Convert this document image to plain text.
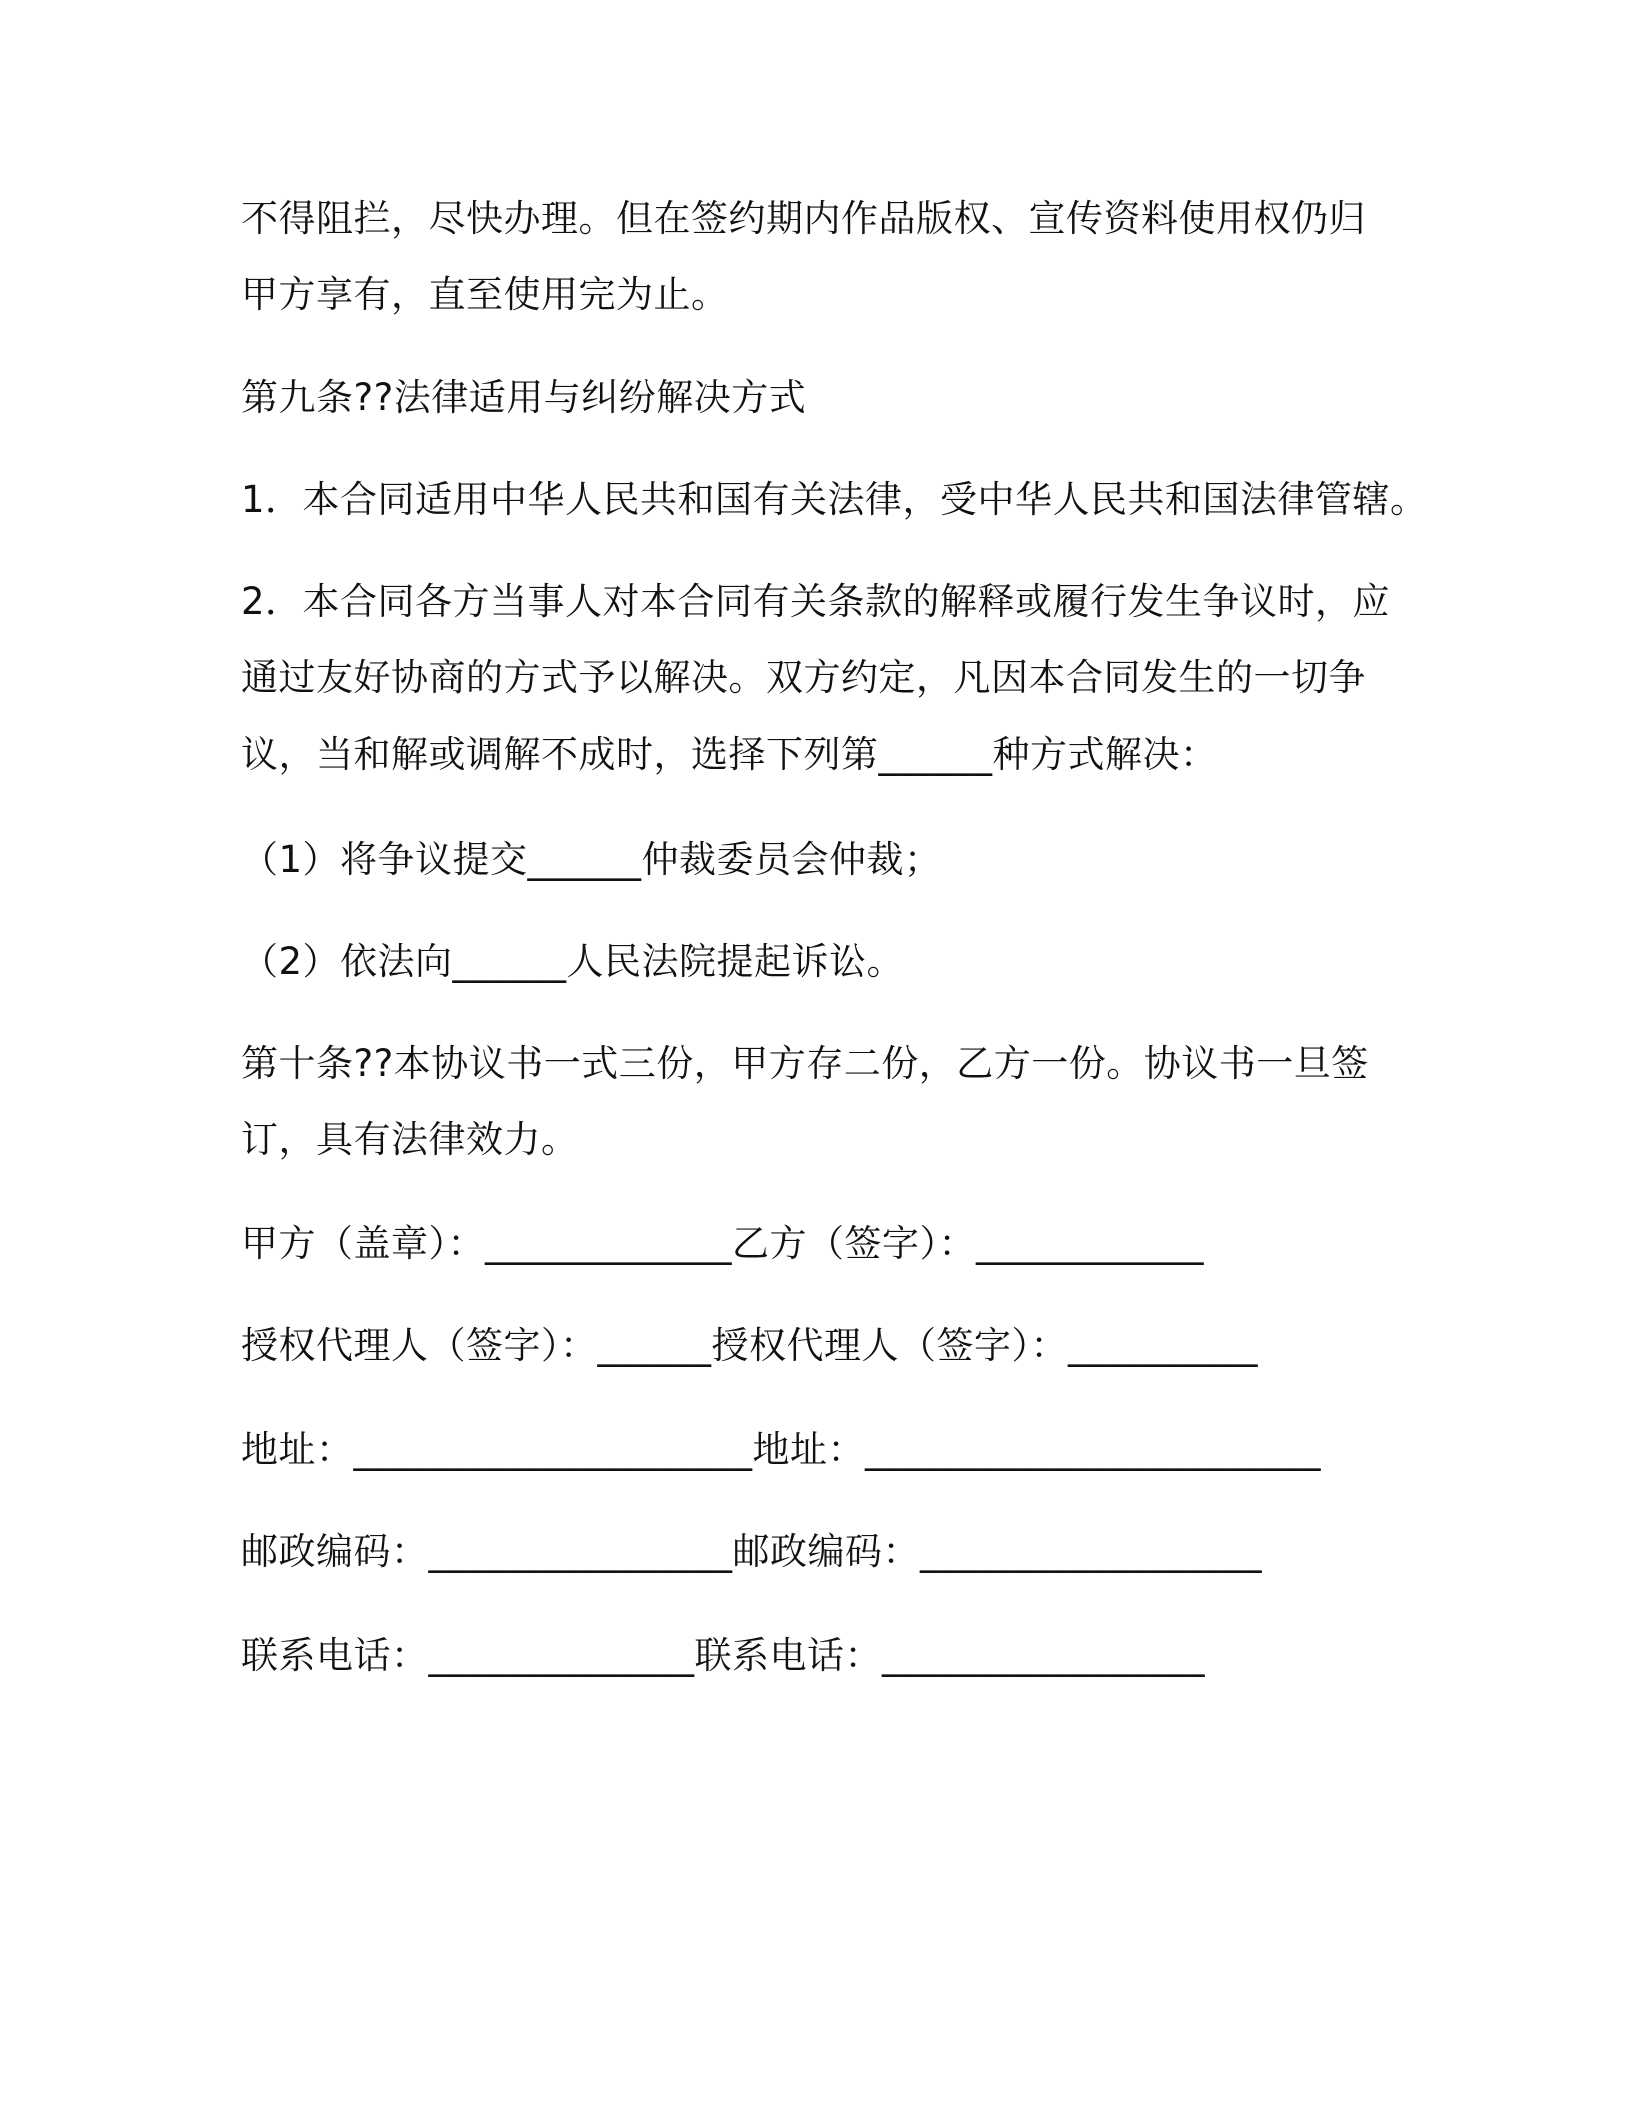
不得阻拦，尽快办理。但在签约期内作品版权、宣传资料使用权仍归
甲方享有，直至使用完为止。
第九条??法律适用与纠纷解决方式
1．本合同适用中华人民共和国有关法律，受中华人民共和国法律管辖。
2．本合同各方当事人对本合同有关条款的解释或履行发生争议时，应
通过友好协商的方式予以解决。双方约定，凡因本合同发生的一切争
议，当和解或调解不成时，选择下列第______种方式解决：
（1）将争议提交______仲裁委员会仲裁；
（2）依法向______人民法院提起诉讼。
第十条??本协议书一式三份，甲方存二份，乙方一份。协议书一旦签
订，具有法律效力。
甲方（盖章）：_____________乙方（签字）：____________
授权代理人（签字）：______授权代理人（签字）：__________
地址：_____________________地址：________________________
邮政编码：________________邮政编码：__________________
联系电话：______________联系电话：_________________
